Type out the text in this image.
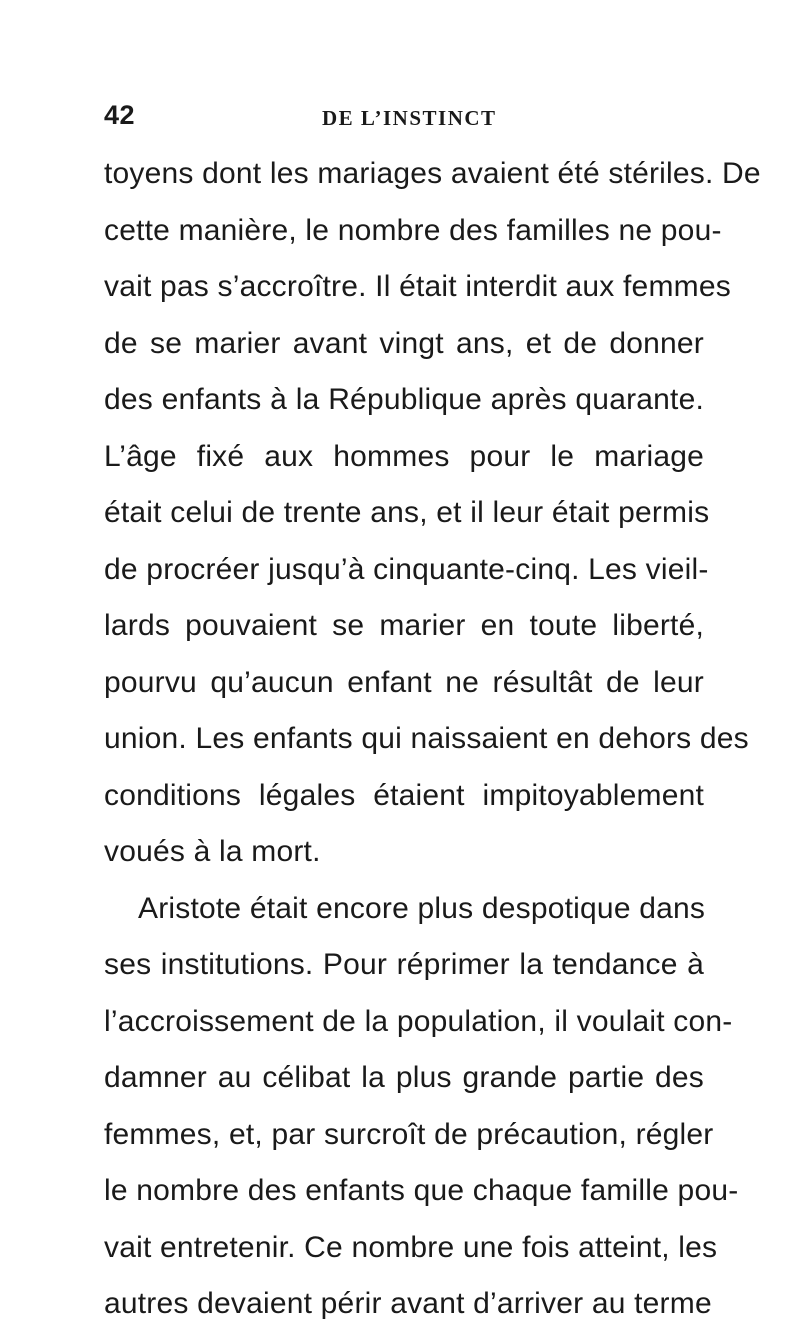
42	DE L’INSTINCT
toyens dont les mariages avaient été stériles. De
cette manière, le nombre des familles ne pou-
vait pas s’accroître. Il était interdit aux femmes
de se marier avant vingt ans, et de donner
des enfants à la République après quarante.
L’âge fixé aux hommes pour le mariage
était celui de trente ans, et il leur était permis
de procréer jusqu’à cinquante-cinq. Les vieil-
lards pouvaient se marier en toute liberté,
pourvu qu’aucun enfant ne résultât de leur
union. Les enfants qui naissaient en dehors des
conditions légales étaient impitoyablement
voués à la mort.
Aristote était encore plus despotique dans
ses institutions. Pour réprimer la tendance à
l’accroissement de la population, il voulait con-
damner au célibat la plus grande partie des
femmes, et, par surcroît de précaution, régler
le nombre des enfants que chaque famille pou-
vait entretenir. Ce nombre une fois atteint, les
autres devaient périr avant d’arriver au terme
